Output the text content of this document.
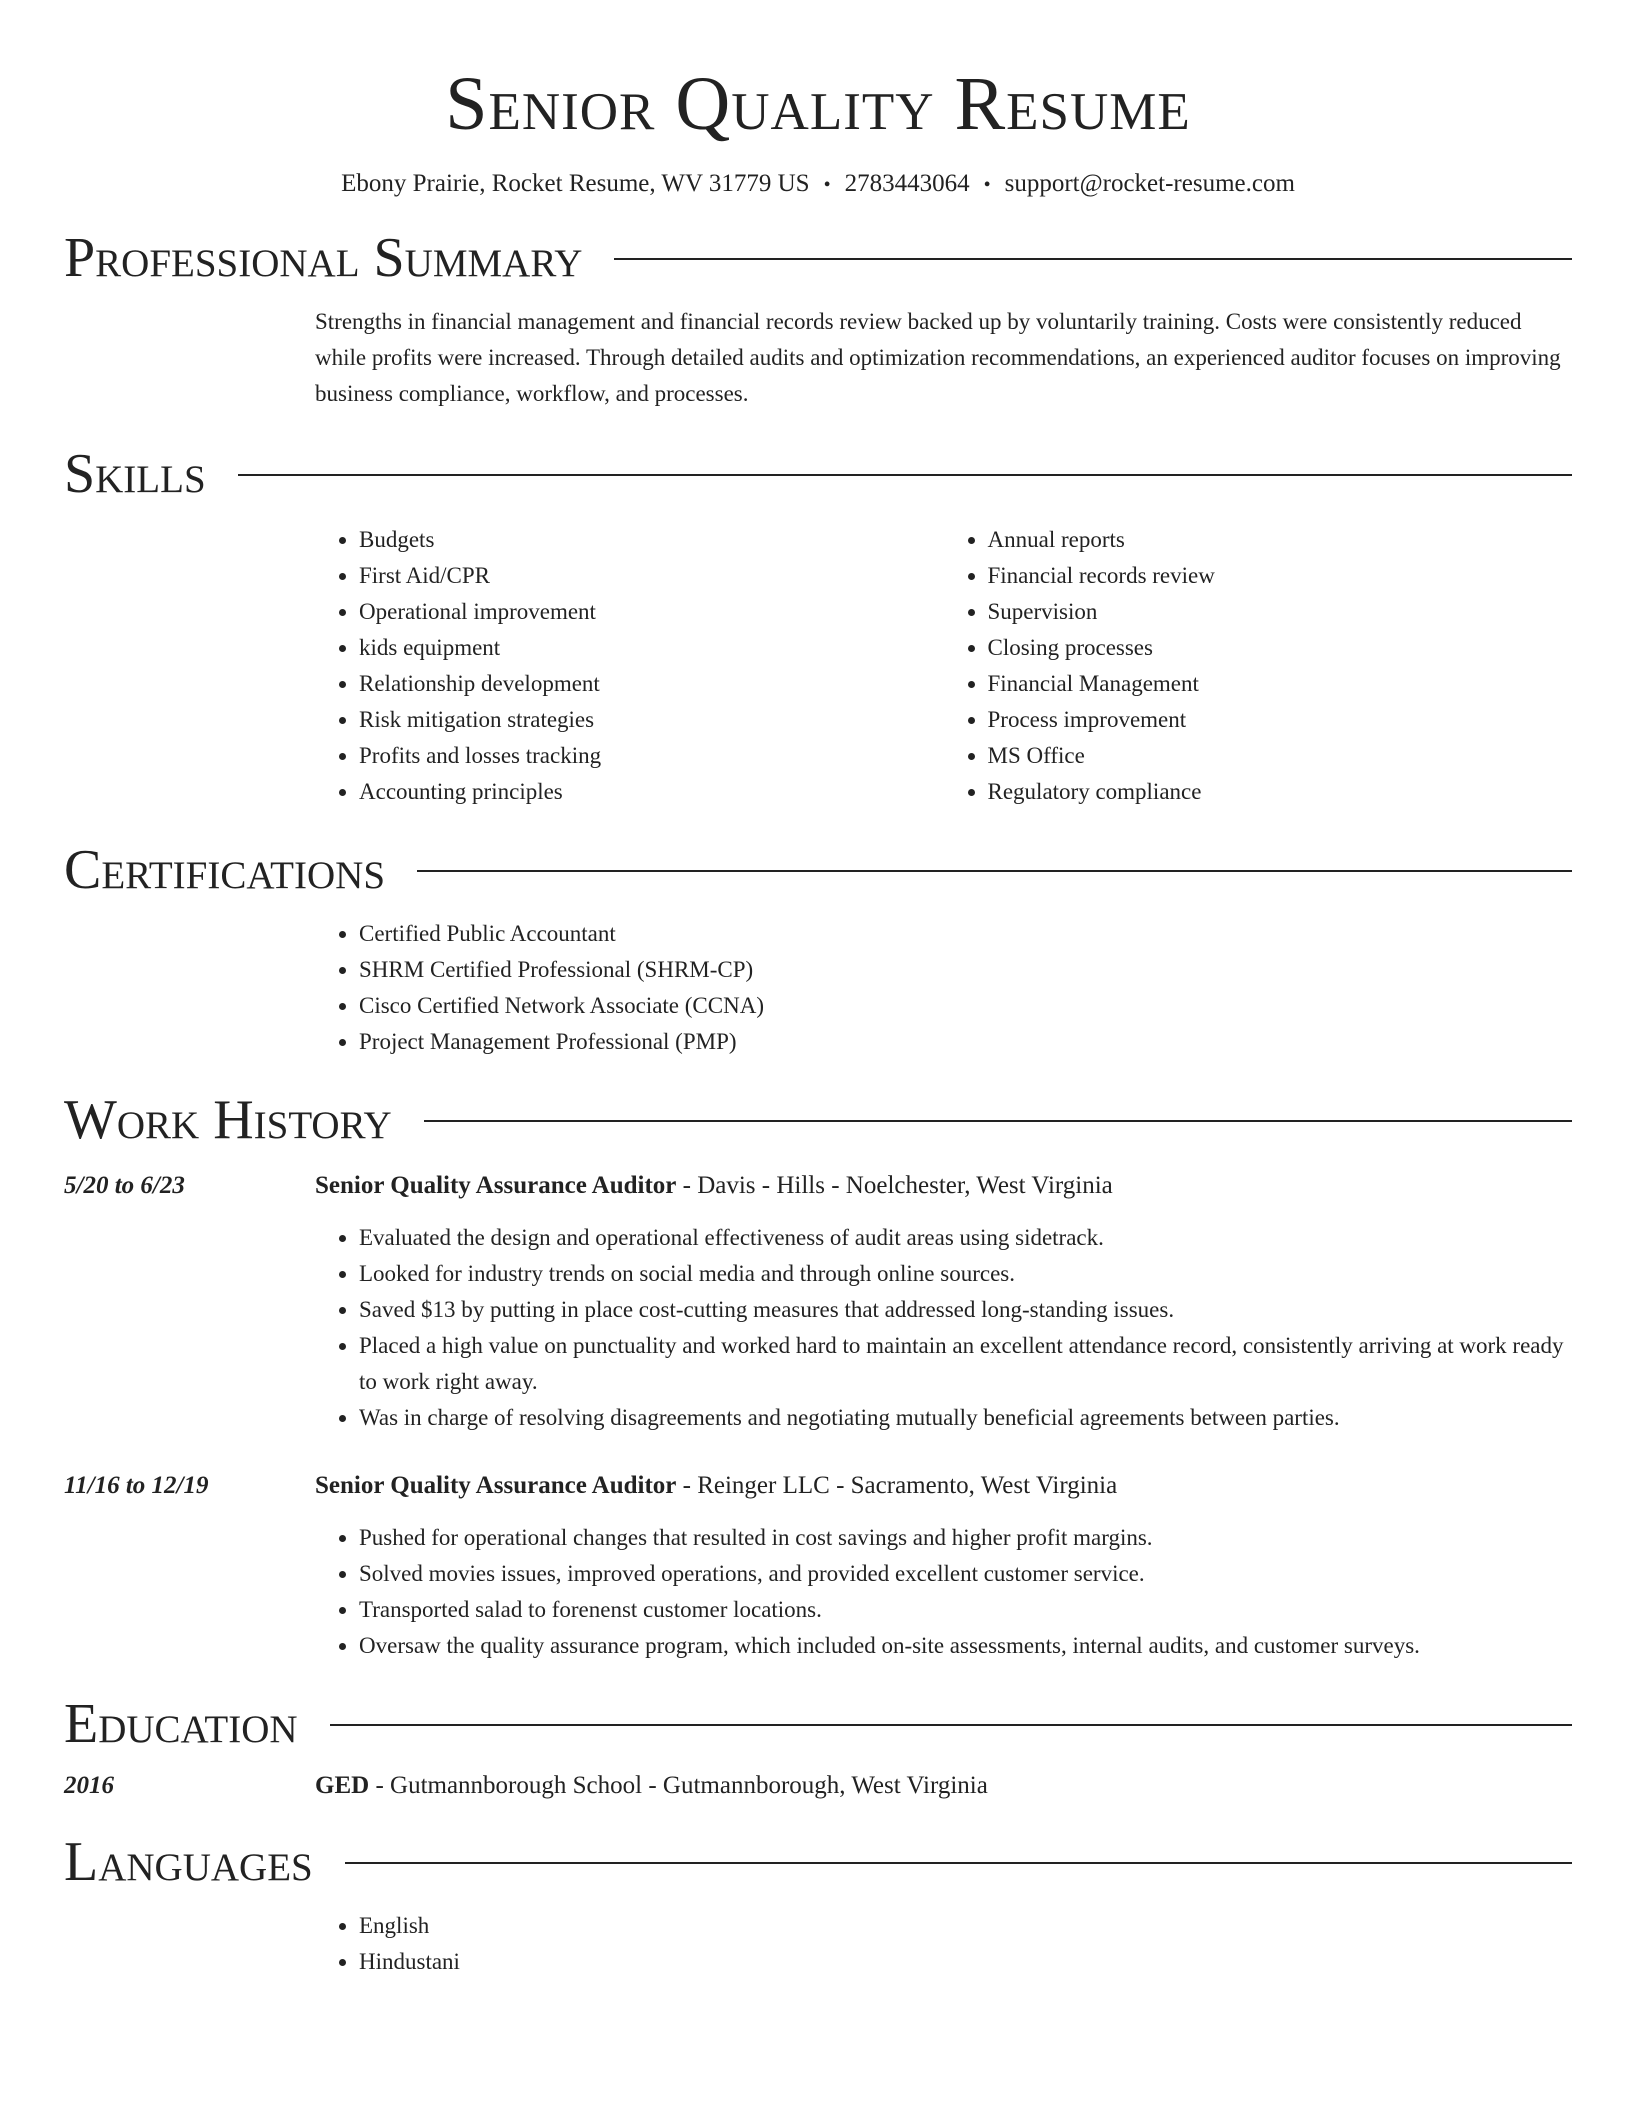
Senior Quality Resume
Ebony Prairie, Rocket Resume, WV 31779 US • 2783443064 • support@rocket-resume.com
Professional Summary

Strengths in financial management and financial records review backed up by voluntarily training. Costs were consistently reduced while profits were increased. Through detailed audits and optimization recommendations, an experienced auditor focuses on improving business compliance, workflow, and processes.

Skills
• Budgets
• First Aid/CPR
• Operational improvement
• kids equipment
• Relationship development
• Risk mitigation strategies
• Profits and losses tracking
• Accounting principles
• Annual reports
• Financial records review
• Supervision
• Closing processes
• Financial Management
• Process improvement
• MS Office
• Regulatory compliance
Certifications
• Certified Public Accountant
• SHRM Certified Professional (SHRM-CP)
• Cisco Certified Network Associate (CCNA)
• Project Management Professional (PMP)
Work History
5/20 to 6/23	Senior Quality Assurance Auditor - Davis - Hills - Noelchester, West Virginia
• Evaluated the design and operational effectiveness of audit areas using sidetrack.
• Looked for industry trends on social media and through online sources.
• Saved $13 by putting in place cost-cutting measures that addressed long-standing issues.
• Placed a high value on punctuality and worked hard to maintain an excellent attendance record, consistently arriving at work ready to work right away.
• Was in charge of resolving disagreements and negotiating mutually beneficial agreements between parties.
11/16 to 12/19	Senior Quality Assurance Auditor - Reinger LLC - Sacramento, West Virginia
• Pushed for operational changes that resulted in cost savings and higher profit margins.
• Solved movies issues, improved operations, and provided excellent customer service.
• Transported salad to forenenst customer locations.
• Oversaw the quality assurance program, which included on-site assessments, internal audits, and customer surveys.
Education
2016	GED - Gutmannborough School - Gutmannborough, West Virginia
Languages
• English
• Hindustani
